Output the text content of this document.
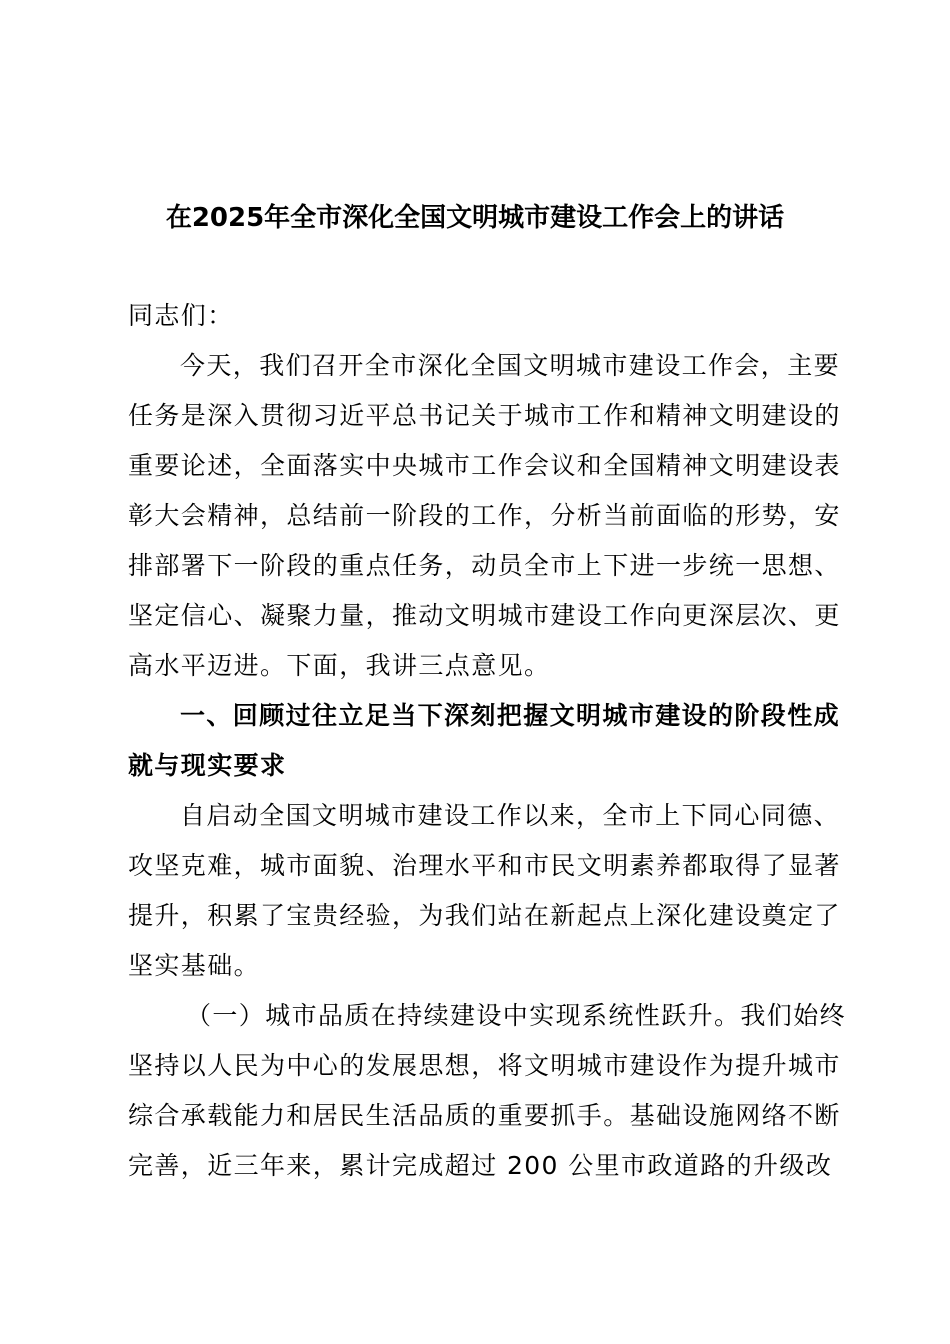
在2025年全市深化全国文明城市建设工作会上的讲话
同志们：
今天，我们召开全市深化全国文明城市建设工作会，主要
任务是深入贯彻习近平总书记关于城市工作和精神文明建设的
重要论述，全面落实中央城市工作会议和全国精神文明建设表
彰大会精神，总结前一阶段的工作，分析当前面临的形势，安
排部署下一阶段的重点任务，动员全市上下进一步统一思想、
坚定信心、凝聚力量，推动文明城市建设工作向更深层次、更
高水平迈进。下面，我讲三点意见。
一、回顾过往立足当下深刻把握文明城市建设的阶段性成
就与现实要求
自启动全国文明城市建设工作以来，全市上下同心同德、
攻坚克难，城市面貌、治理水平和市民文明素养都取得了显著
提升，积累了宝贵经验，为我们站在新起点上深化建设奠定了
坚实基础。
（一）城市品质在持续建设中实现系统性跃升。我们始终
坚持以人民为中心的发展思想，将文明城市建设作为提升城市
综合承载能力和居民生活品质的重要抓手。基础设施网络不断
完善，近三年来，累计完成超过 200 公里市政道路的升级改
